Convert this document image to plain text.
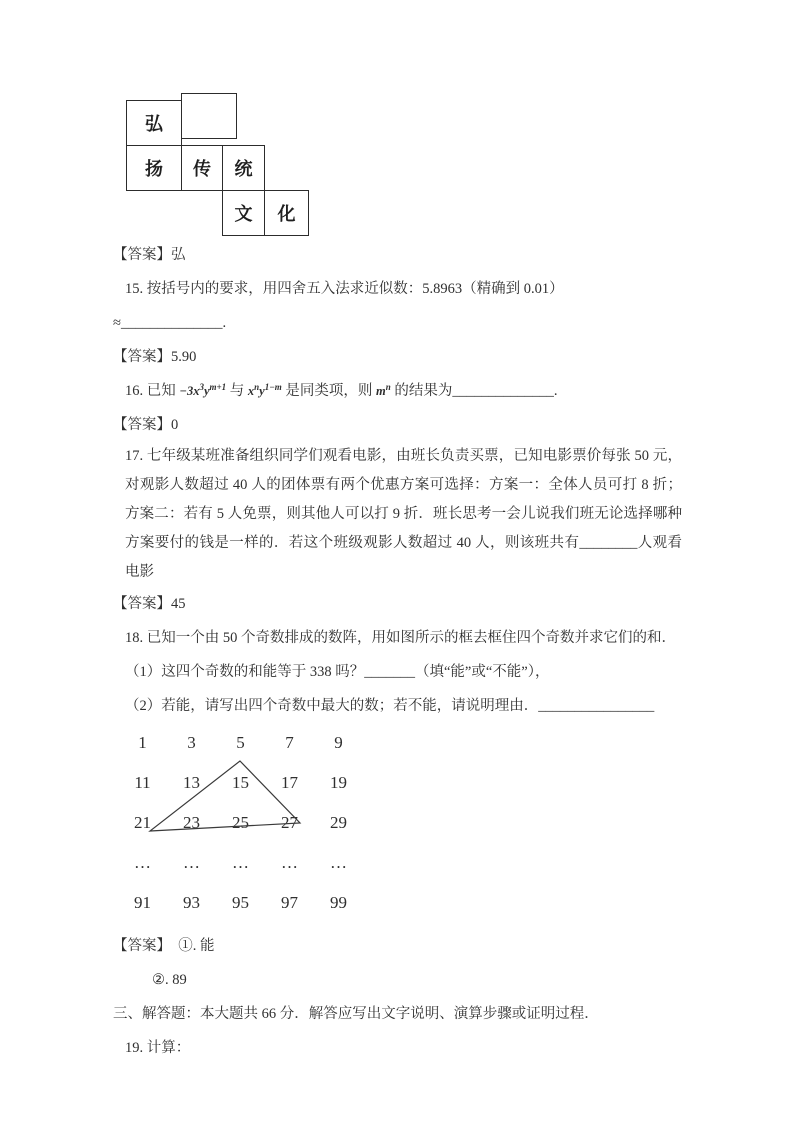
弘
扬	传	统
文	化

【答案】弘

15. 按括号内的要求，用四舍五入法求近似数：5.8963（精确到 0.01）

≈______________.

【答案】5.90

16. 已知 $-3x^3y^{m+1}$ 与 $x^ny^{1-m}$ 是同类项，则 $m^n$ 的结果为______________.

【答案】0

17. 七年级某班准备组织同学们观看电影，由班长负责买票，已知电影票价每张 50 元，对观影人数超过 40 人的团体票有两个优惠方案可选择：方案一：全体人员可打 8 折；方案二：若有 5 人免票，则其他人可以打 9 折．班长思考一会儿说我们班无论选择哪种方案要付的钱是一样的．若这个班级观影人数超过 40 人，则该班共有________人观看电影

【答案】45

18. 已知一个由 50 个奇数排成的数阵，用如图所示的框去框住四个奇数并求它们的和．

（1）这四个奇数的和能等于 338 吗？_______（填“能”或“不能”），

（2）若能，请写出四个奇数中最大的数；若不能，请说明理由．________________

1	3	5	7	9
11	13	15	17	19
21	23	25	27	29
…	…	…	…	…
91	93	95	97	99

【答案】 ①. 能

②. 89

三、解答题：本大题共 66 分．解答应写出文字说明、演算步骤或证明过程．

19. 计算：
